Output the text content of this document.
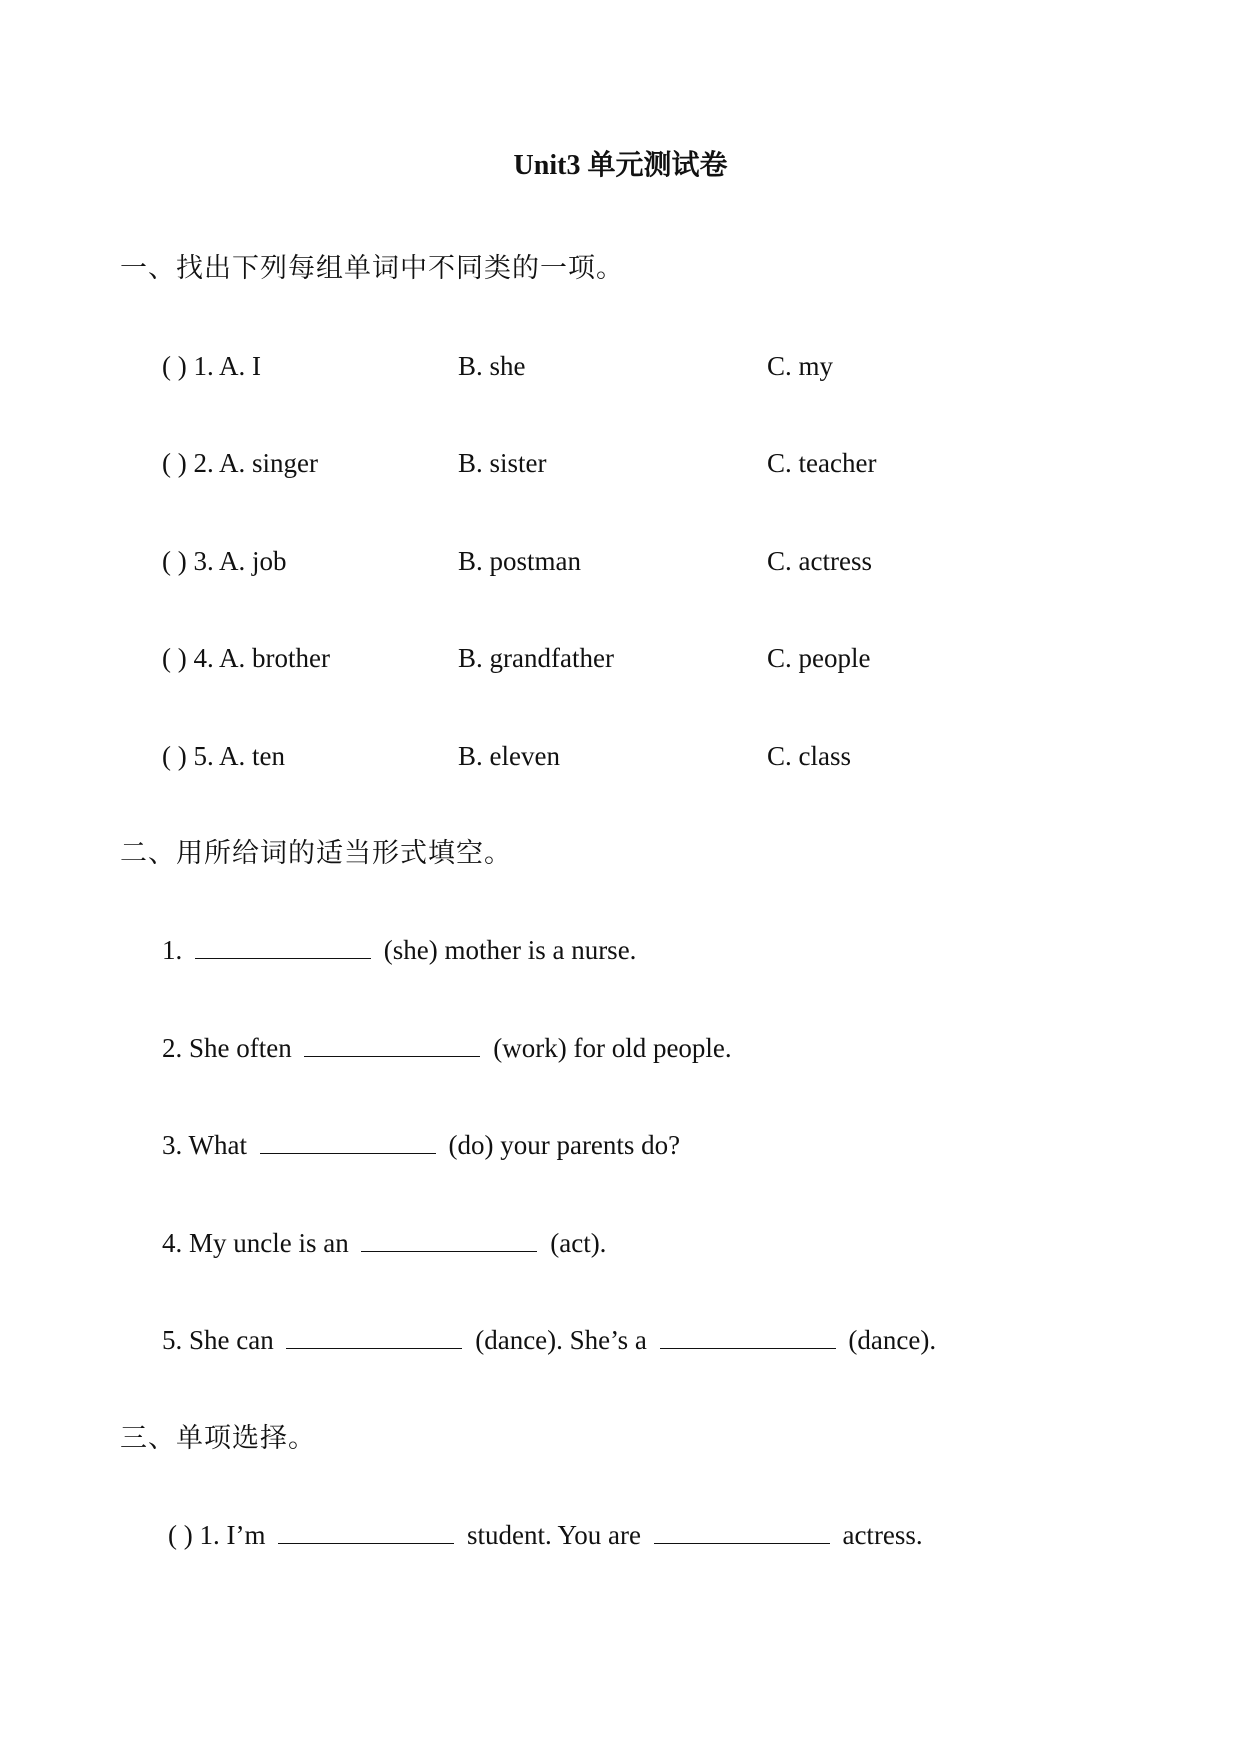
Unit3 单元测试卷
一、找出下列每组单词中不同类的一项。
( ) 1. A. I	B. she	C. my
( ) 2. A. singer	B. sister	C. teacher
( ) 3. A. job	B. postman	C. actress
( ) 4. A. brother	B. grandfather	C. people
( ) 5. A. ten	B. eleven	C. class
二、用所给词的适当形式填空。
1.	(she) mother is a nurse.
2. She often	(work) for old people.
3. What	(do) your parents do?
4. My uncle is an	(act).
5. She can	(dance). She’s a	(dance).
三、单项选择。
( ) 1. I’m	student. You are	actress.
